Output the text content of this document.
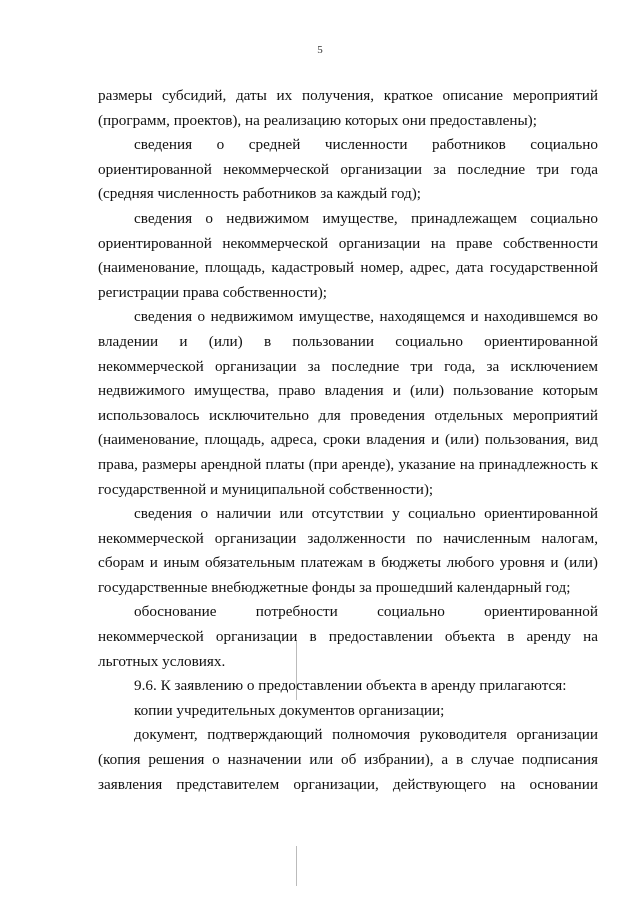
5
размеры субсидий, даты их получения, краткое описание мероприятий
(программ, проектов), на реализацию которых они предоставлены);
сведения о средней численности работников социально
ориентированной некоммерческой организации за последние три года
(средняя численность работников за каждый год);
сведения о недвижимом имуществе, принадлежащем социально
ориентированной некоммерческой организации на праве собственности
(наименование, площадь, кадастровый номер, адрес, дата государственной
регистрации права собственности);
сведения о недвижимом имуществе, находящемся и находившемся во
владении и (или) в пользовании социально ориентированной
некоммерческой организации за последние три года, за исключением
недвижимого имущества, право владения и (или) пользование которым
использовалось исключительно для проведения отдельных мероприятий
(наименование, площадь, адреса, сроки владения и (или) пользования, вид
права, размеры арендной платы (при аренде), указание на принадлежность к
государственной и муниципальной собственности);
сведения о наличии или отсутствии у социально ориентированной
некоммерческой организации задолженности по начисленным налогам,
сборам и иным обязательным платежам в бюджеты любого уровня и (или)
государственные внебюджетные фонды за прошедший календарный год;
обоснование потребности социально ориентированной
некоммерческой организации в предоставлении объекта в аренду на
льготных условиях.
9.6. К заявлению о предоставлении объекта в аренду прилагаются:
копии учредительных документов организации;
документ, подтверждающий полномочия руководителя организации
(копия решения о назначении или об избрании), а в случае подписания
заявления представителем организации, действующего на основании
